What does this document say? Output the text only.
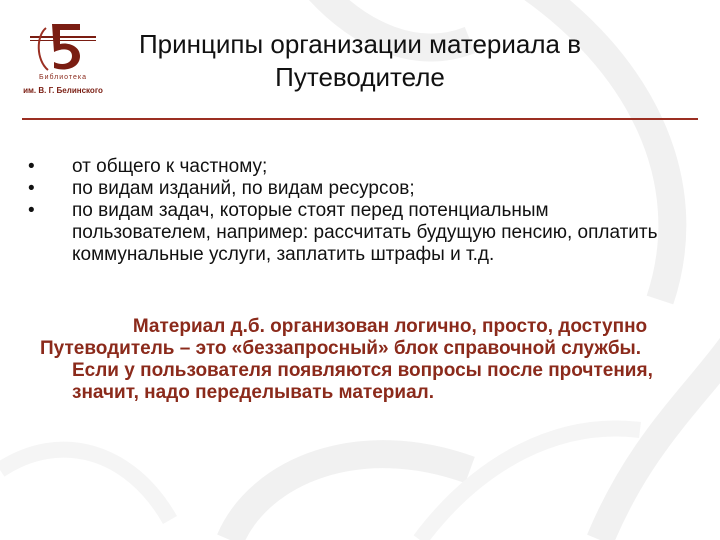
Библиотека
им. В. Г. Белинского
Принципы организации материала в
Путеводителе
• от общего к частному;
• по видам изданий, по видам ресурсов;
• по видам задач, которые стоят перед потенциальным пользователем, например: рассчитать будущую пенсию, оплатить коммунальные услуги, заплатить штрафы и т.д.
Материал д.б. организован логично, просто, доступно
Путеводитель – это «беззапросный» блок справочной службы. Если у пользователя появляются вопросы после прочтения, значит, надо переделывать материал.
